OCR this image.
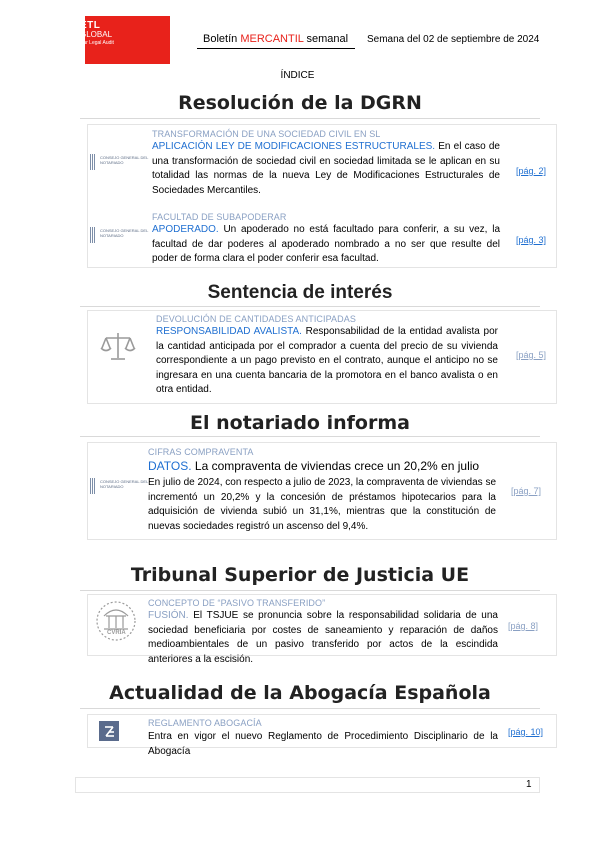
ETL
GLOBAL
Sar Legal Audit	Boletín MERCANTIL semanal Semana del 02 de septiembre de 2024
ÍNDICE
Resolución de la DGRN
CONSEJO GENERAL DEL NOTARIADO
TRANSFORMACIÓN DE UNA SOCIEDAD CIVIL EN SL
APLICACIÓN LEY DE MODIFICACIONES ESTRUCTURALES. En el caso de una transformación de sociedad civil en sociedad limitada se le aplican en su totalidad las normas de la nueva Ley de Modificaciones Estructurales de Sociedades Mercantiles.
[pág. 2]
CONSEJO GENERAL DEL NOTARIADO
FACULTAD DE SUBAPODERAR
APODERADO. Un apoderado no está facultado para conferir, a su vez, la facultad de dar poderes al apoderado nombrado a no ser que resulte del poder de forma clara el poder conferir esa facultad.
[pág. 3]
Sentencia de interés
DEVOLUCIÓN DE CANTIDADES ANTICIPADAS
RESPONSABILIDAD AVALISTA. Responsabilidad de la entidad avalista por la cantidad anticipada por el comprador a cuenta del precio de su vivienda correspondiente a un pago previsto en el contrato, aunque el anticipo no se ingresara en una cuenta bancaria de la promotora en el banco avalista o en otra entidad.
[pág. 5]
El notariado informa
CONSEJO GENERAL DEL NOTARIADO
CIFRAS COMPRAVENTA
DATOS. La compraventa de viviendas crece un 20,2% en julio
En julio de 2024, con respecto a julio de 2023, la compraventa de viviendas se incrementó un 20,2% y la concesión de préstamos hipotecarios para la adquisición de vivienda subió un 31,1%, mientras que la constitución de nuevas sociedades registró un ascenso del 9,4%.
[pág. 7]
Tribunal Superior de Justicia UE
CVRIA
CONCEPTO DE “PASIVO TRANSFERIDO”
FUSIÓN. El TSJUE se pronuncia sobre la responsabilidad solidaria de una sociedad beneficiaria por costes de saneamiento y reparación de daños medioambientales de un pasivo transferido por actos de la escindida anteriores a la escisión.
[pág. 8]
Actualidad de la Abogacía Española
REGLAMENTO ABOGACÍA
Entra en vigor el nuevo Reglamento de Procedimiento Disciplinario de la Abogacía
[pág. 10]
1
